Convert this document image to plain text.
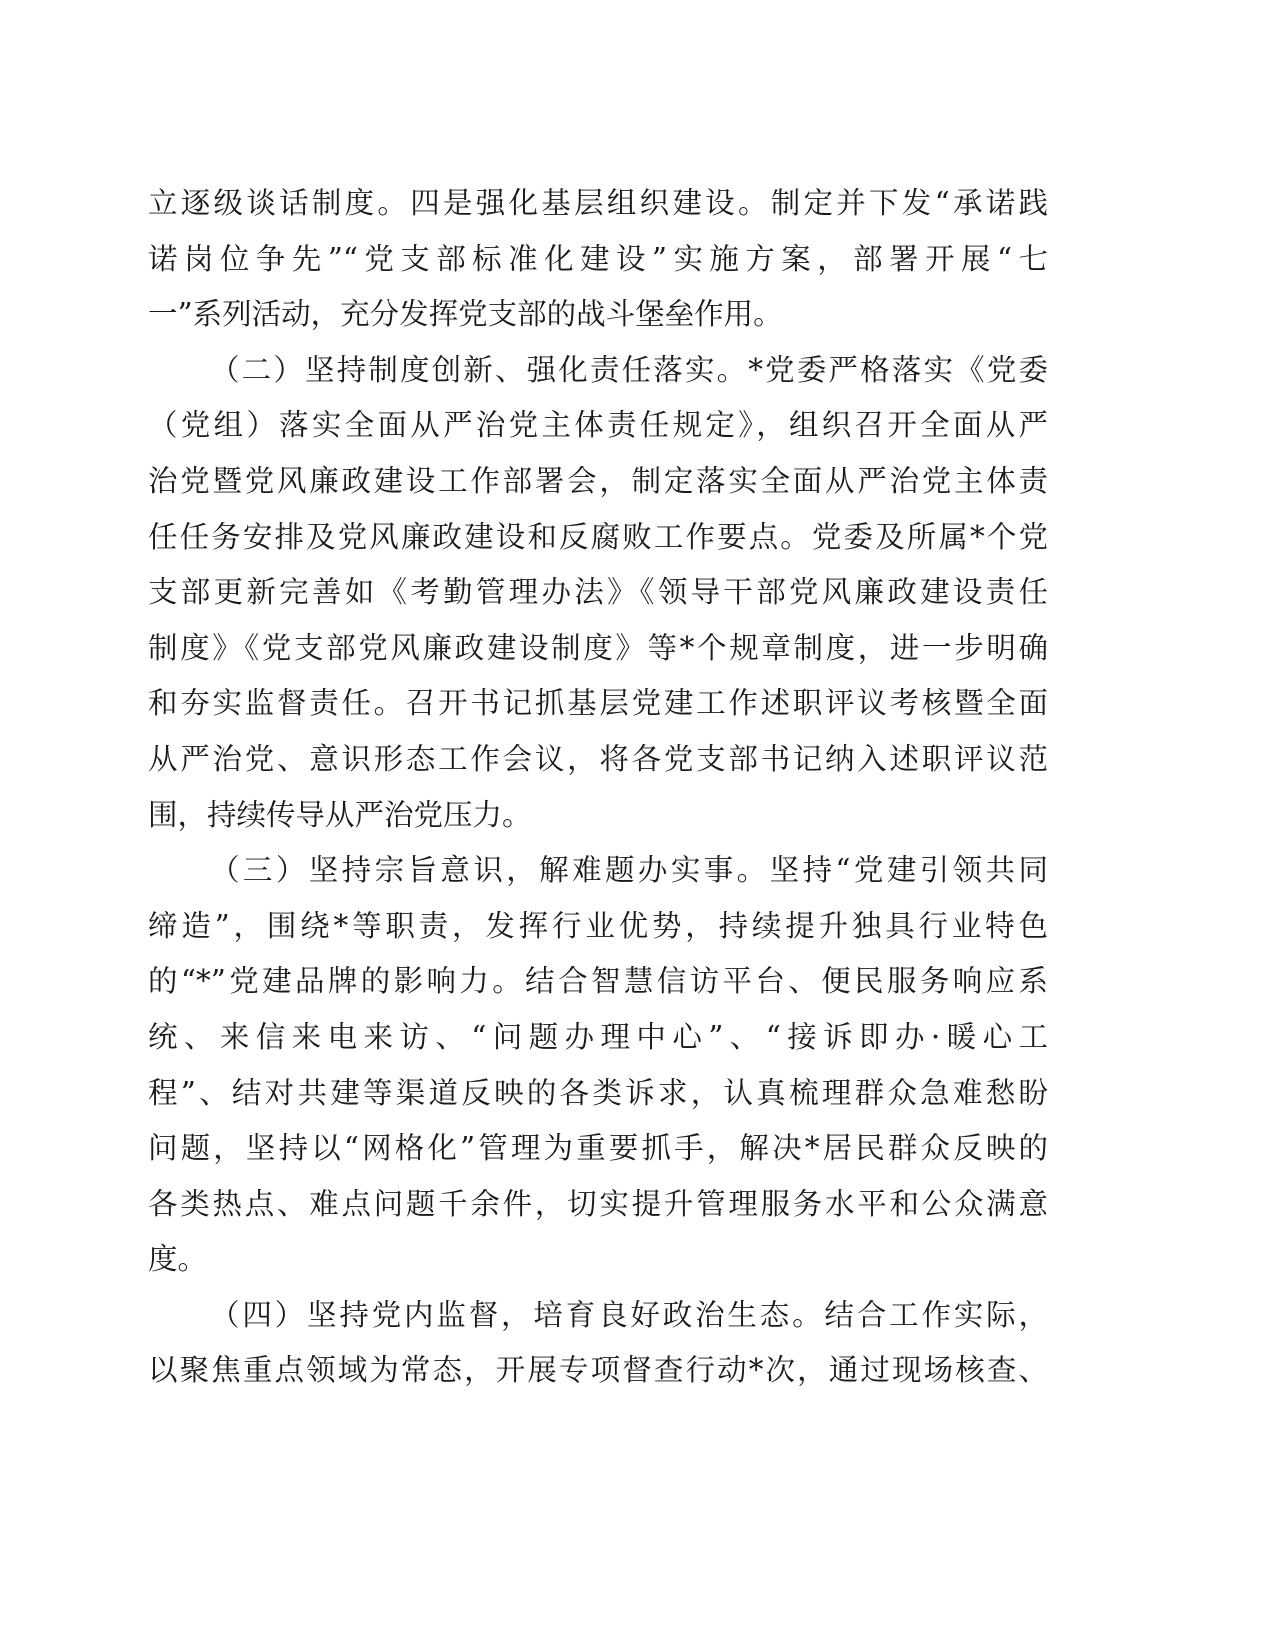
立逐级谈话制度。四是强化基层组织建设。制定并下发“承诺践
诺岗位争先”“党支部标准化建设”实施方案，部署开展“七
一”系列活动，充分发挥党支部的战斗堡垒作用。
（二）坚持制度创新、强化责任落实。*党委严格落实《党委
（党组）落实全面从严治党主体责任规定》，组织召开全面从严
治党暨党风廉政建设工作部署会，制定落实全面从严治党主体责
任任务安排及党风廉政建设和反腐败工作要点。党委及所属*个党
支部更新完善如《考勤管理办法》《领导干部党风廉政建设责任
制度》《党支部党风廉政建设制度》等*个规章制度，进一步明确
和夯实监督责任。召开书记抓基层党建工作述职评议考核暨全面
从严治党、意识形态工作会议，将各党支部书记纳入述职评议范
围，持续传导从严治党压力。
（三）坚持宗旨意识，解难题办实事。坚持“党建引领共同
缔造”，围绕*等职责，发挥行业优势，持续提升独具行业特色
的“*”党建品牌的影响力。结合智慧信访平台、便民服务响应系
统、来信来电来访、“问题办理中心”、“接诉即办·暖心工
程”、结对共建等渠道反映的各类诉求，认真梳理群众急难愁盼
问题，坚持以“网格化”管理为重要抓手，解决*居民群众反映的
各类热点、难点问题千余件，切实提升管理服务水平和公众满意
度。
（四）坚持党内监督，培育良好政治生态。结合工作实际，
以聚焦重点领域为常态，开展专项督查行动*次，通过现场核查、
